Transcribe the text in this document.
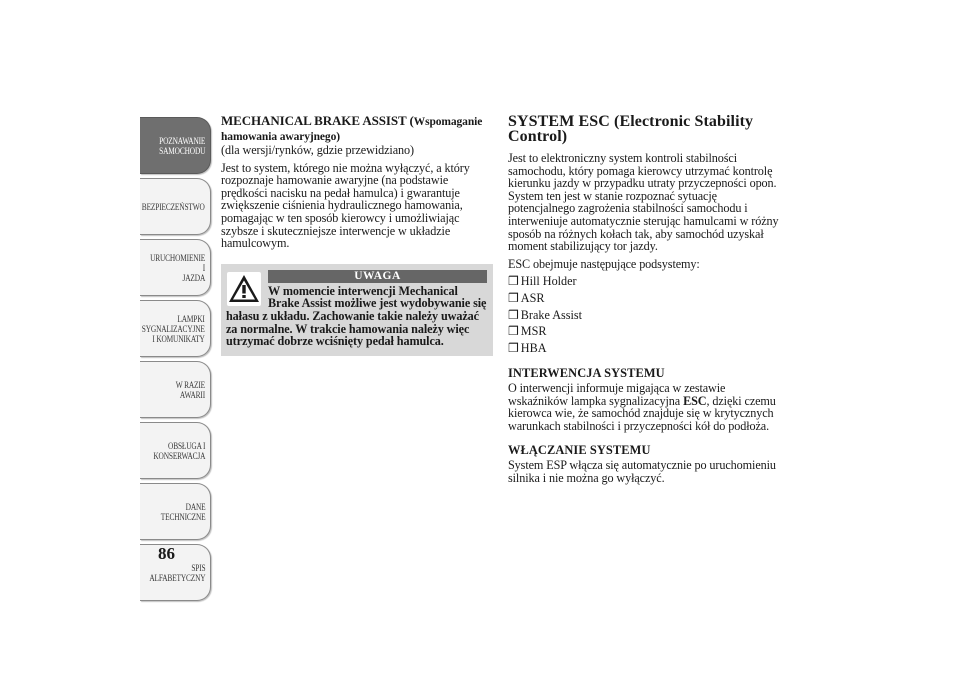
POZNAWANIE
SAMOCHODU
BEZPIECZEŃSTWO
URUCHOMIENIE I
JAZDA
LAMPKI
SYGNALIZACYJNE
I KOMUNIKATY
W RAZIE AWARII
OBSŁUGA I
KONSERWACJA
DANE
TECHNICZNE
SPIS
ALFABETYCZNY
86
MECHANICAL BRAKE ASSIST (Wspomaganie hamowania awaryjnego)

(dla wersji/rynków, gdzie przewidziano)

Jest to system, którego nie można wyłączyć, a który rozpoznaje hamowanie awaryjne (na podstawie prędkości nacisku na pedał hamulca) i gwarantuje zwiększenie ciśnienia hydraulicznego hamowania, pomagając w ten sposób kierowcy i umożliwiając szybsze i skuteczniejsze interwencje w układzie hamulcowym.

UWAGA
W momencie interwencji Mechanical Brake Assist możliwe jest wydobywanie się
hałasu z układu. Zachowanie takie należy uważać za normalne. W trakcie hamowania należy więc utrzymać dobrze wciśnięty pedał hamulca.
SYSTEM ESC (Electronic Stability Control)

Jest to elektroniczny system kontroli stabilności samochodu, który pomaga kierowcy utrzymać kontrolę kierunku jazdy w przypadku utraty przyczepności opon. System ten jest w stanie rozpoznać sytuację potencjalnego zagrożenia stabilności samochodu i interweniuje automatycznie sterując hamulcami w różny sposób na różnych kołach tak, aby samochód uzyskał moment stabilizujący tor jazdy.

ESC obejmuje następujące podsystemy:

❒ Hill Holder
❒ ASR
❒ Brake Assist
❒ MSR
❒ HBA
INTERWENCJA SYSTEMU

O interwencji informuje migająca w zestawie wskaźników lampka sygnalizacyjna ESC, dzięki czemu kierowca wie, że samochód znajduje się w krytycznych warunkach stabilności i przyczepności kół do podłoża.

WŁĄCZANIE SYSTEMU

System ESP włącza się automatycznie po uruchomieniu silnika i nie można go wyłączyć.
